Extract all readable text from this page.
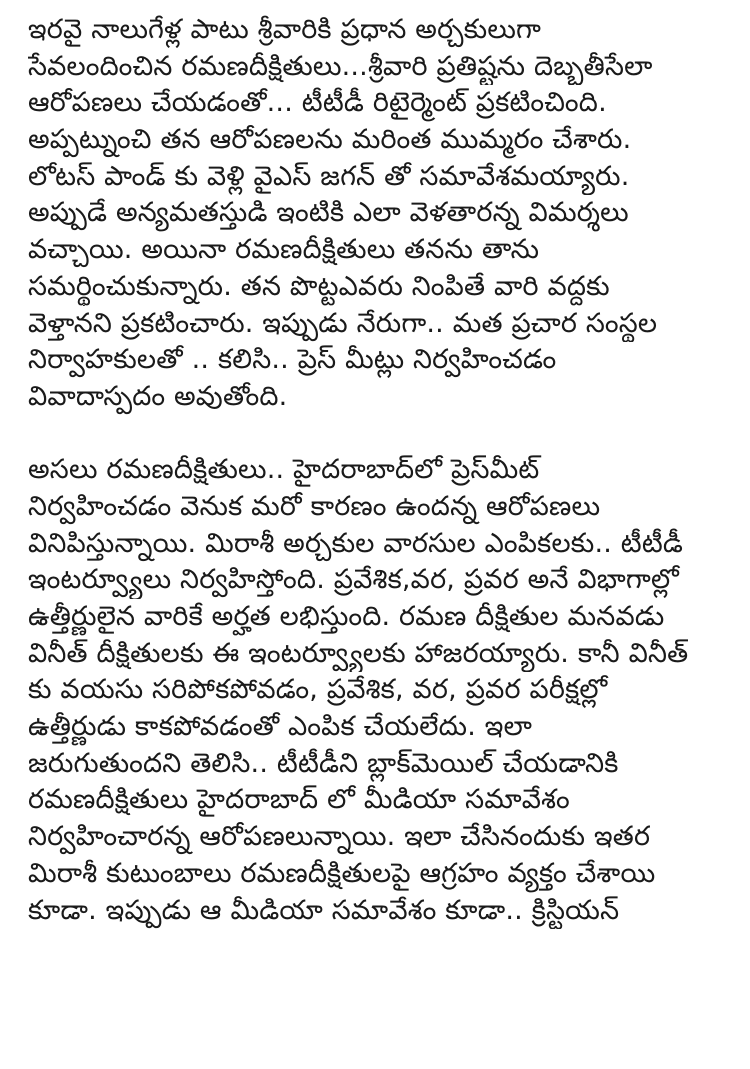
ఇరవై నాలుగేళ్ల పాటు శ్రీవారికి ప్రధాన అర్చకులుగా
సేవలందించిన రమణదీక్షితులు...శ్రీవారి ప్రతిష్టను దెబ్బతీసేలా
ఆరోపణలు చేయడంతో... టీటీడీ రిటైర్మెంట్ ప్రకటించింది.
అప్పట్నుంచి తన ఆరోపణలను మరింత ముమ్మరం చేశారు.
లోటస్ పాండ్ కు వెళ్లి వైఎస్ జగన్ తో సమావేశమయ్యారు.
అప్పుడే అన్యమతస్తుడి ఇంటికి ఎలా వెళతారన్న విమర్శలు
వచ్చాయి. అయినా రమణదీక్షితులు తనను తాను
సమర్థించుకున్నారు. తన పొట్టఎవరు నింపితే వారి వద్దకు
వెళ్తానని ప్రకటించారు. ఇప్పుడు నేరుగా.. మత ప్రచార సంస్థల
నిర్వాహకులతో .. కలిసి.. ప్రెస్ మీట్లు నిర్వహించడం
వివాదాస్పదం అవుతోంది.
అసలు రమణదీక్షితులు.. హైదరాబాద్‌లో ప్రెస్‌మీట్
నిర్వహించడం వెనుక మరో కారణం ఉందన్న ఆరోపణలు
వినిపిస్తున్నాయి. మిరాశీ అర్చకుల వారసుల ఎంపికలకు.. టీటీడీ
ఇంటర్వ్యూలు నిర్వహిస్తోంది. ప్రవేశిక,వర, ప్రవర అనే విభాగాల్లో
ఉత్తీర్ణులైన వారికే అర్హత లభిస్తుంది. రమణ దీక్షితుల మనవడు
వినీత్ దీక్షితులకు ఈ ఇంటర్వ్యూలకు హాజరయ్యారు. కానీ వినీత్
కు వయసు సరిపోకపోవడం, ప్రవేశిక, వర, ప్రవర పరీక్షల్లో
ఉత్తీర్ణుడు కాకపోవడంతో ఎంపిక చేయలేదు. ఇలా
జరుగుతుందని తెలిసి.. టీటీడీని బ్లాక్‌మెయిల్ చేయడానికి
రమణదీక్షితులు హైదరాబాద్ లో మీడియా సమావేశం
నిర్వహించారన్న ఆరోపణలున్నాయి. ఇలా చేసినందుకు ఇతర
మిరాశీ కుటుంబాలు రమణదీక్షితులపై ఆగ్రహం వ్యక్తం చేశాయి
కూడా. ఇప్పుడు ఆ మీడియా సమావేశం కూడా.. క్రిస్టియన్
